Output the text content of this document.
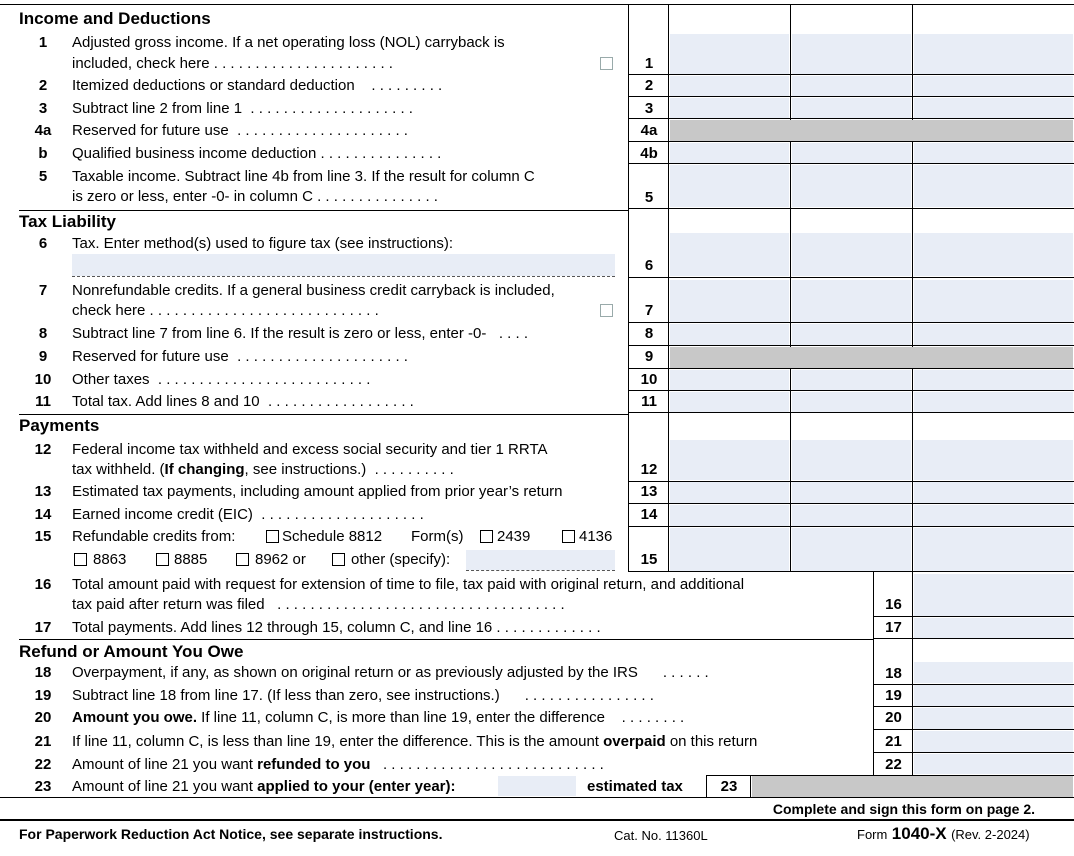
Income and Deductions
Tax Liability
Payments
Refund or Amount You Owe
1	Adjusted gross income. If a net operating loss (NOL) carryback is
included, check here . . . . . . . . . . . . . . . . . . . . . .	1
2	Itemized deductions or standard deduction    . . . . . . . . .	2
3	Subtract line 2 from line 1  . . . . . . . . . . . . . . . . . . . .	3
4a	Reserved for future use  . . . . . . . . . . . . . . . . . . . . .	4a
b	Qualified business income deduction . . . . . . . . . . . . . . .	4b
5	Taxable income. Subtract line 4b from line 3. If the result for column C
is zero or less, enter -0- in column C . . . . . . . . . . . . . . .	5
6	Tax. Enter method(s) used to figure tax (see instructions):
6
7	Nonrefundable credits. If a general business credit carryback is included,
check here . . . . . . . . . . . . . . . . . . . . . . . . . . . .	7
8	Subtract line 7 from line 6. If the result is zero or less, enter -0-   . . . .	8
9	Reserved for future use  . . . . . . . . . . . . . . . . . . . . .	9
10	Other taxes  . . . . . . . . . . . . . . . . . . . . . . . . . .	10
11	Total tax. Add lines 8 and 10  . . . . . . . . . . . . . . . . . .	11
12	Federal income tax withheld and excess social security and tier 1 RRTA
tax withheld. (If changing, see instructions.)  . . . . . . . . . .	12
13	Estimated tax payments, including amount applied from prior year’s return	13
14	Earned income credit (EIC)  . . . . . . . . . . . . . . . . . . . .	14
15	Refundable credits from:	Schedule 8812 Form(s) 2439	4136
8863	8885	8962 or	other (specify):	15
16	Total amount paid with request for extension of time to file, tax paid with original return, and additional
tax paid after return was filed   . . . . . . . . . . . . . . . . . . . . . . . . . . . . . . . . . . .	16
17	Total payments. Add lines 12 through 15, column C, and line 16 . . . . . . . . . . . . .	17
18	Overpayment, if any, as shown on original return or as previously adjusted by the IRS      . . . . . .	18
19	Subtract line 18 from line 17. (If less than zero, see instructions.)      . . . . . . . . . . . . . . . .	19
20	Amount you owe. If line 11, column C, is more than line 19, enter the difference    . . . . . . . .	20
21	If line 11, column C, is less than line 19, enter the difference. This is the amount overpaid on this return	21
22	Amount of line 21 you want refunded to you   . . . . . . . . . . . . . . . . . . . . . . . . . . .	22
23	Amount of line 21 you want applied to your (enter year):	estimated tax	23
Complete and sign this form on page 2.
For Paperwork Reduction Act Notice, see separate instructions.	Cat. No. 11360L	Form 1040-X (Rev. 2-2024)
